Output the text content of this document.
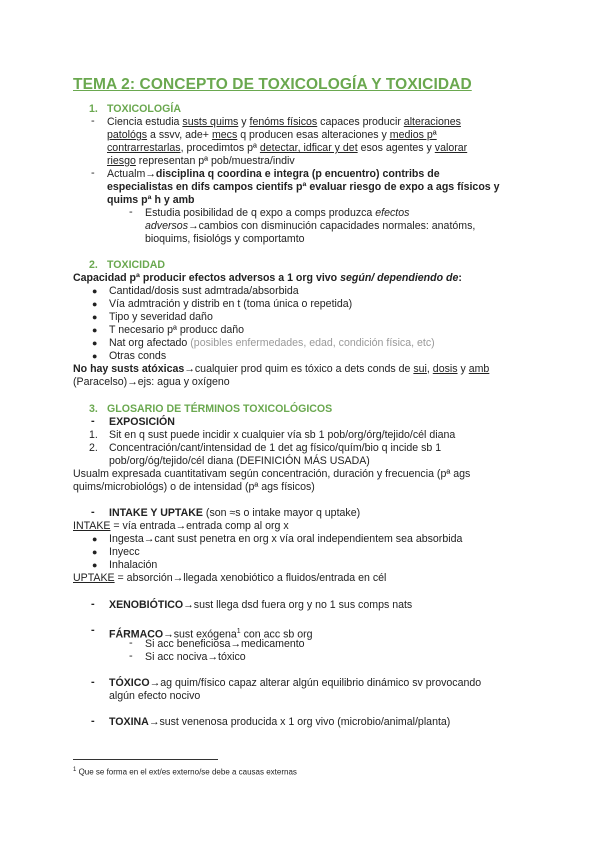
TEMA 2: CONCEPTO DE TOXICOLOGÍA Y TOXICIDAD
1. TOXICOLOGÍA
- Ciencia estudia susts quims y fenóms físicos capaces producir alteraciones
patológs a ssvv, ade+ mecs q producen esas alteraciones y medios pª
contrarrestarlas, procedimtos pª detectar, idficar y det esos agentes y valorar
riesgo representan pª pob/muestra/indiv
- Actualm→disciplina q coordina e integra (p encuentro) contribs de
especialistas en difs campos cientifs pª evaluar riesgo de expo a ags físicos y
quims pª h y amb
- Estudia posibilidad de q expo a comps produzca efectos
adversos→cambios con disminución capacidades normales: anatóms,
bioquims, fisiológs y comportamto
2. TOXICIDAD
Capacidad pª producir efectos adversos a 1 org vivo según/ dependiendo de:
● Cantidad/dosis sust admtrada/absorbida
● Vía admtración y distrib en t (toma única o repetida)
● Tipo y severidad daño
● T necesario pª producc daño
● Nat org afectado (posibles enfermedades, edad, condición física, etc)
● Otras conds
No hay susts atóxicas→cualquier prod quim es tóxico a dets conds de sui, dosis y amb
(Paracelso)→ejs: agua y oxígeno
3. GLOSARIO DE TÉRMINOS TOXICOLÓGICOS
- EXPOSICIÓN
1. Sit en q sust puede incidir x cualquier vía sb 1 pob/org/órg/tejido/cél diana
2. Concentración/cant/intensidad de 1 det ag físico/quím/bio q incide sb 1
pob/org/óg/tejido/cél diana (DEFINICIÓN MÁS USADA)
Usualm expresada cuantitativam según concentración, duración y frecuencia (pª ags
quims/microbiológs) o de intensidad (pª ags físicos)
- INTAKE Y UPTAKE (son ≈s o intake mayor q uptake)
INTAKE = vía entrada→entrada comp al org x
● Ingesta→cant sust penetra en org x vía oral independientem sea absorbida
● Inyecc
● Inhalación
UPTAKE = absorción→llegada xenobiótico a fluidos/entrada en cél
- XENOBIÓTICO→sust llega dsd fuera org y no 1 sus comps nats
- FÁRMACO→sust exógena$^1$ con acc sb org
- Si acc beneficiosa→medicamento
- Si acc nociva→tóxico
- TÓXICO→ag quim/físico capaz alterar algún equilibrio dinámico sv provocando
algún efecto nocivo
- TOXINA→sust venenosa producida x 1 org vivo (microbio/animal/planta)
$^1$ Que se forma en el ext/es externo/se debe a causas externas
